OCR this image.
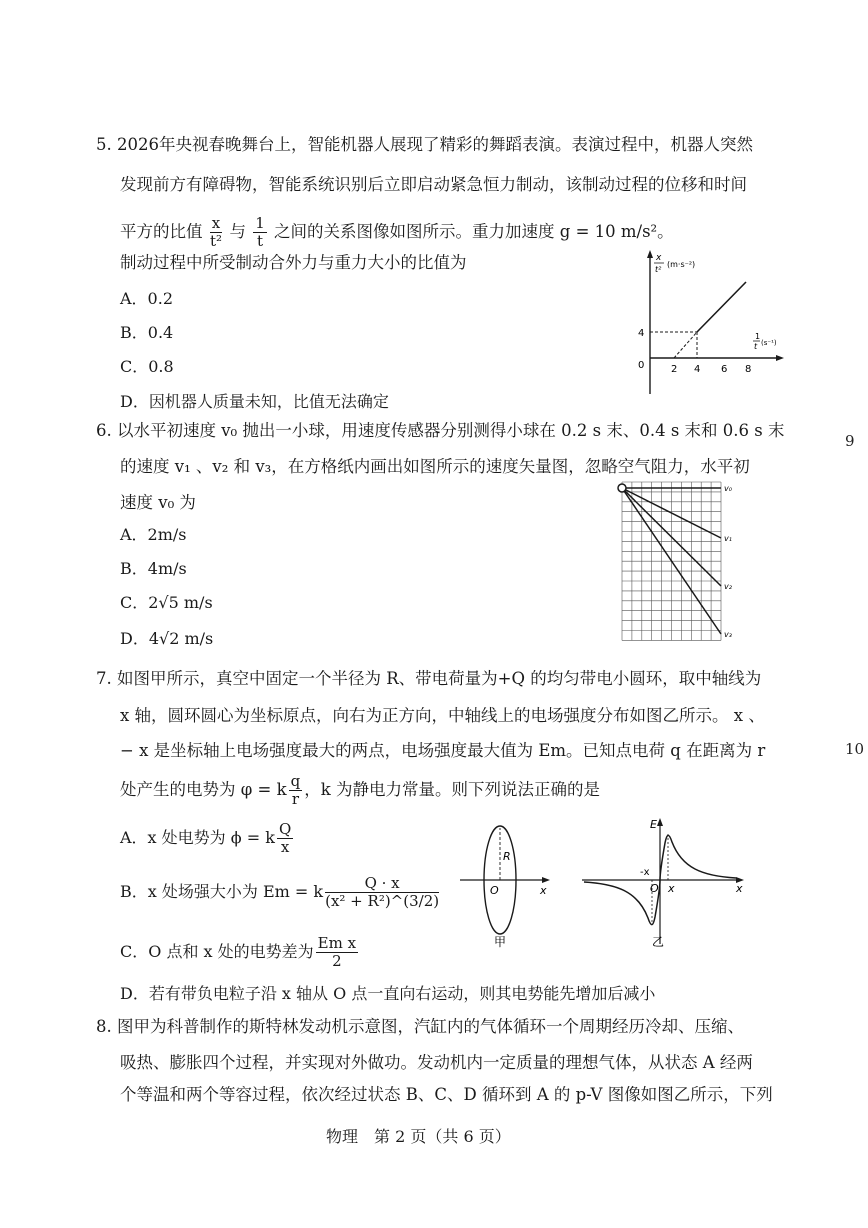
5. 2026年央视春晚舞台上，智能机器人展现了精彩的舞蹈表演。表演过程中，机器人突然
发现前方有障碍物，智能系统识别后立即启动紧急恒力制动，该制动过程的位移和时间
平方的比值 $\frac{x}{\text{t²}}$ 与 $\frac{1}{t}$ 之间的关系图像如图所示。重力加速度 g = 10 m/s²。
制动过程中所受制动合外力与重力大小的比值为
A．0.2
B．0.4
C．0.8
D．因机器人质量未知，比值无法确定
x
t²
(m·s⁻²)
1
t (s⁻¹)
0
4
2 4 6 8
6. 以水平初速度 v₀ 抛出一小球，用速度传感器分别测得小球在 0.2 s 末、0.4 s 末和 0.6 s 末
的速度 v₁ 、v₂ 和 v₃，在方格纸内画出如图所示的速度矢量图，忽略空气阻力，水平初
速度 v₀ 为
A．2m/s
B．4m/s
C．2√5 m/s
D．4√2 m/s
v₀
v₁
v₂
v₃
7. 如图甲所示，真空中固定一个半径为 R、带电荷量为+Q 的均匀带电小圆环，取中轴线为
x 轴，圆环圆心为坐标原点，向右为正方向，中轴线上的电场强度分布如图乙所示。 x 、
− x 是坐标轴上电场强度最大的两点，电场强度最大值为 Em。已知点电荷 q 在距离为 r
处产生的电势为 φ = k $\frac{q}{r}$ ，k 为静电力常量。则下列说法正确的是
A．x 处电势为 ϕ = k $\frac{Q}{x}$
B．x 处场强大小为 Em = k $\frac{Q \cdot x}{\text{(x² + R²)\textasciicircum{}(3/2)}}$
C．O 点和 x 处的电势差为 $\frac{\text{Em x}}{2}$
D．若有带负电粒子沿 x 轴从 O 点一直向右运动，则其电势能先增加后减小
R
O	x
甲
E
-x
O x	x
乙
8. 图甲为科普制作的斯特林发动机示意图，汽缸内的气体循环一个周期经历冷却、压缩、
吸热、膨胀四个过程，并实现对外做功。发动机内一定质量的理想气体，从状态 A 经两
个等温和两个等容过程，依次经过状态 B、C、D 循环到 A 的 p-V 图像如图乙所示，下列
物理　第 2 页（共 6 页）
9
10
